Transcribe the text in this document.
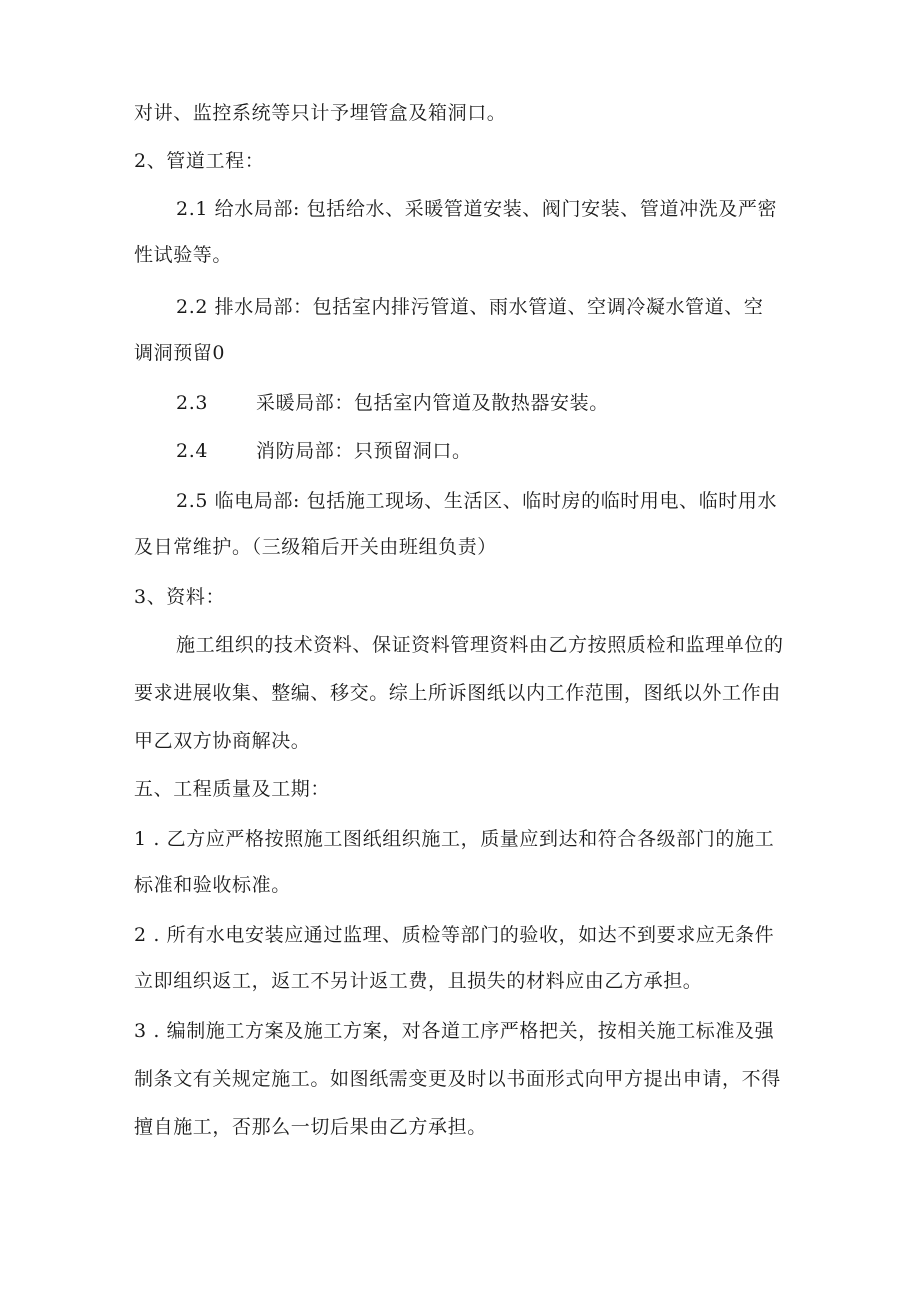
对讲、监控系统等只计予埋管盒及箱洞口。
2、管道工程：
2.1 给水局部: 包括给水、采暖管道安装、阀门安装、管道冲洗及严密
性试验等。
2.2 排水局部：包括室内排污管道、雨水管道、空调冷凝水管道、空
调洞预留0
2.3	采暖局部：包括室内管道及散热器安装。
2.4	消防局部：只预留洞口。
2.5 临电局部: 包括施工现场、生活区、临时房的临时用电、临时用水
及日常维护。（三级箱后开关由班组负责）
3、资料：
施工组织的技术资料、保证资料管理资料由乙方按照质检和监理单位的
要求进展收集、整编、移交。综上所诉图纸以内工作范围，图纸以外工作由
甲乙双方协商解决。
五、工程质量及工期：
1 . 乙方应严格按照施工图纸组织施工，质量应到达和符合各级部门的施工
标准和验收标准。
2 . 所有水电安装应通过监理、质检等部门的验收，如达不到要求应无条件
立即组织返工，返工不另计返工费，且损失的材料应由乙方承担。
3 . 编制施工方案及施工方案，对各道工序严格把关，按相关施工标准及强
制条文有关规定施工。如图纸需变更及时以书面形式向甲方提出申请，不得
擅自施工，否那么一切后果由乙方承担。
